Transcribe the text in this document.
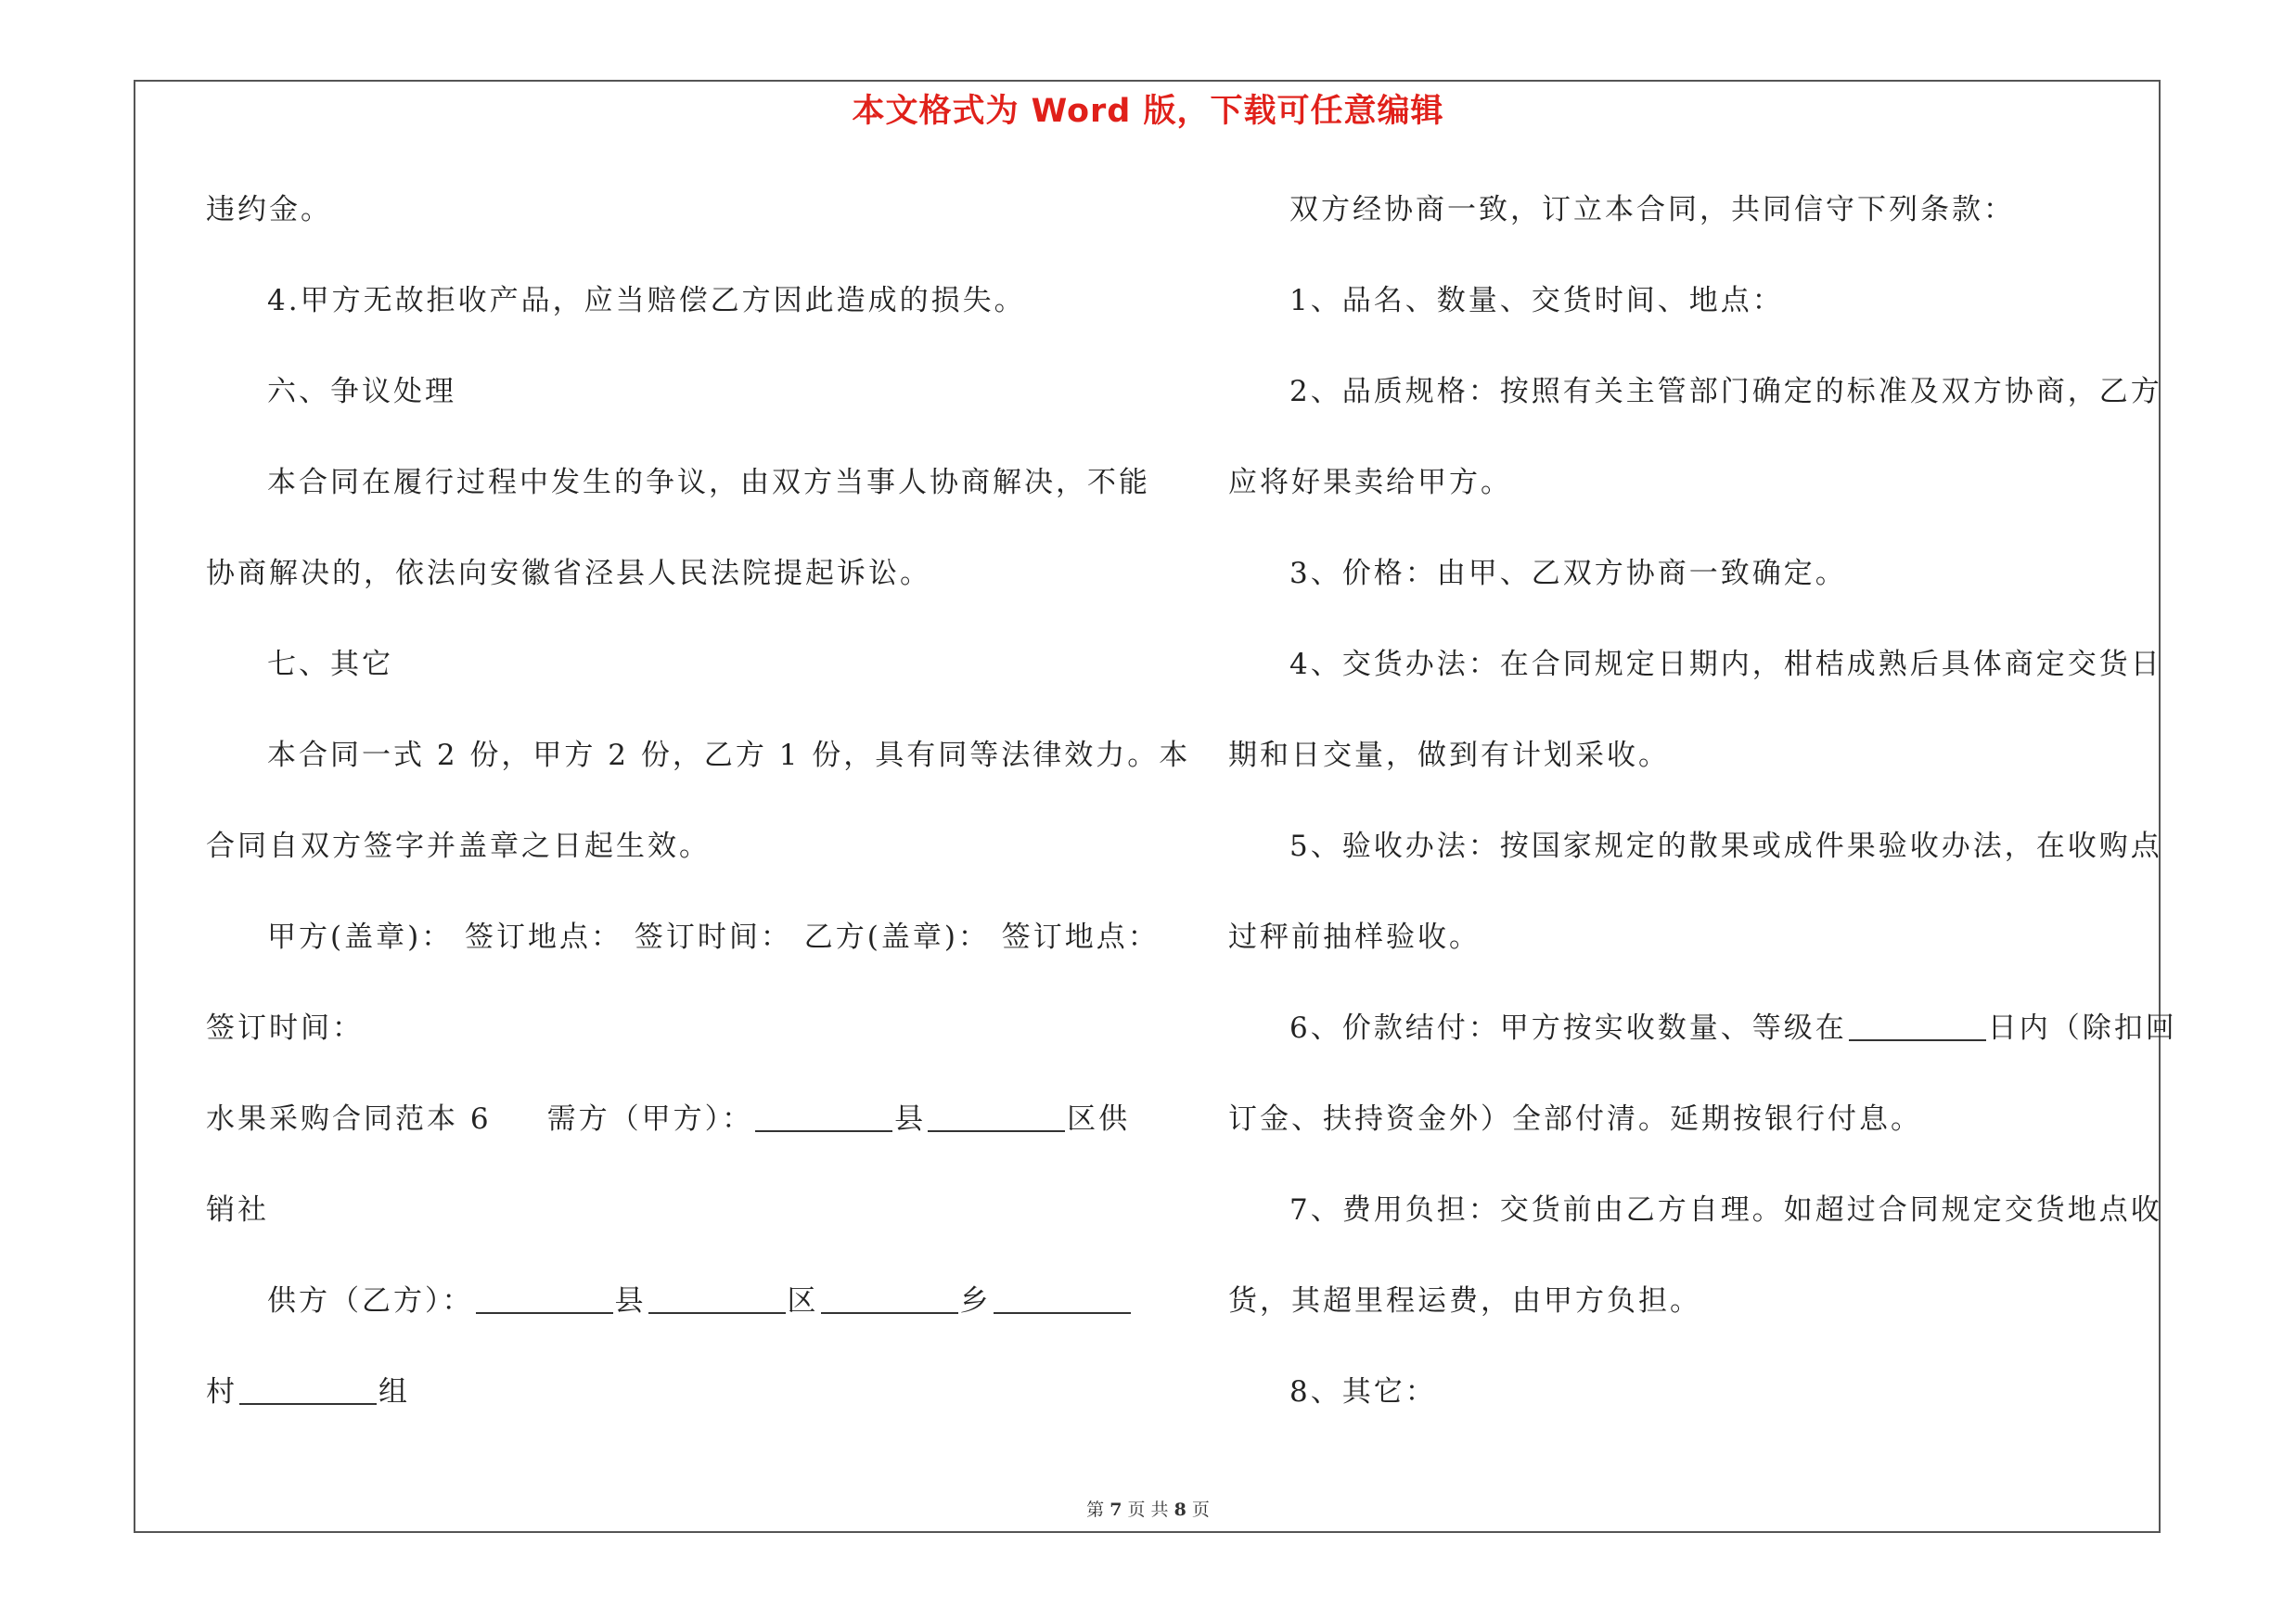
本文格式为 Word 版，下载可任意编辑
违约金。
4.甲方无故拒收产品，应当赔偿乙方因此造成的损失。
六、争议处理
本合同在履行过程中发生的争议，由双方当事人协商解决，不能
协商解决的，依法向安徽省泾县人民法院提起诉讼。
七、其它
本合同一式 2 份，甲方 2 份，乙方 1 份，具有同等法律效力。本
合同自双方签字并盖章之日起生效。
甲方(盖章)： 签订地点： 签订时间： 乙方(盖章)： 签订地点：
签订时间：
水果采购合同范本 6 需方（甲方）：	县	区供
销社
供方（乙方）：	县	区	乡
村	组
双方经协商一致，订立本合同，共同信守下列条款：
1、品名、数量、交货时间、地点：
2、品质规格：按照有关主管部门确定的标准及双方协商，乙方
应将好果卖给甲方。
3、价格：由甲、乙双方协商一致确定。
4、交货办法：在合同规定日期内，柑桔成熟后具体商定交货日
期和日交量，做到有计划采收。
5、验收办法：按国家规定的散果或成件果验收办法，在收购点
过秤前抽样验收。
6、价款结付：甲方按实收数量、等级在	日内（除扣回
订金、扶持资金外）全部付清。延期按银行付息。
7、费用负担：交货前由乙方自理。如超过合同规定交货地点收
货，其超里程运费，由甲方负担。
8、其它：
第 7 页 共 8 页
